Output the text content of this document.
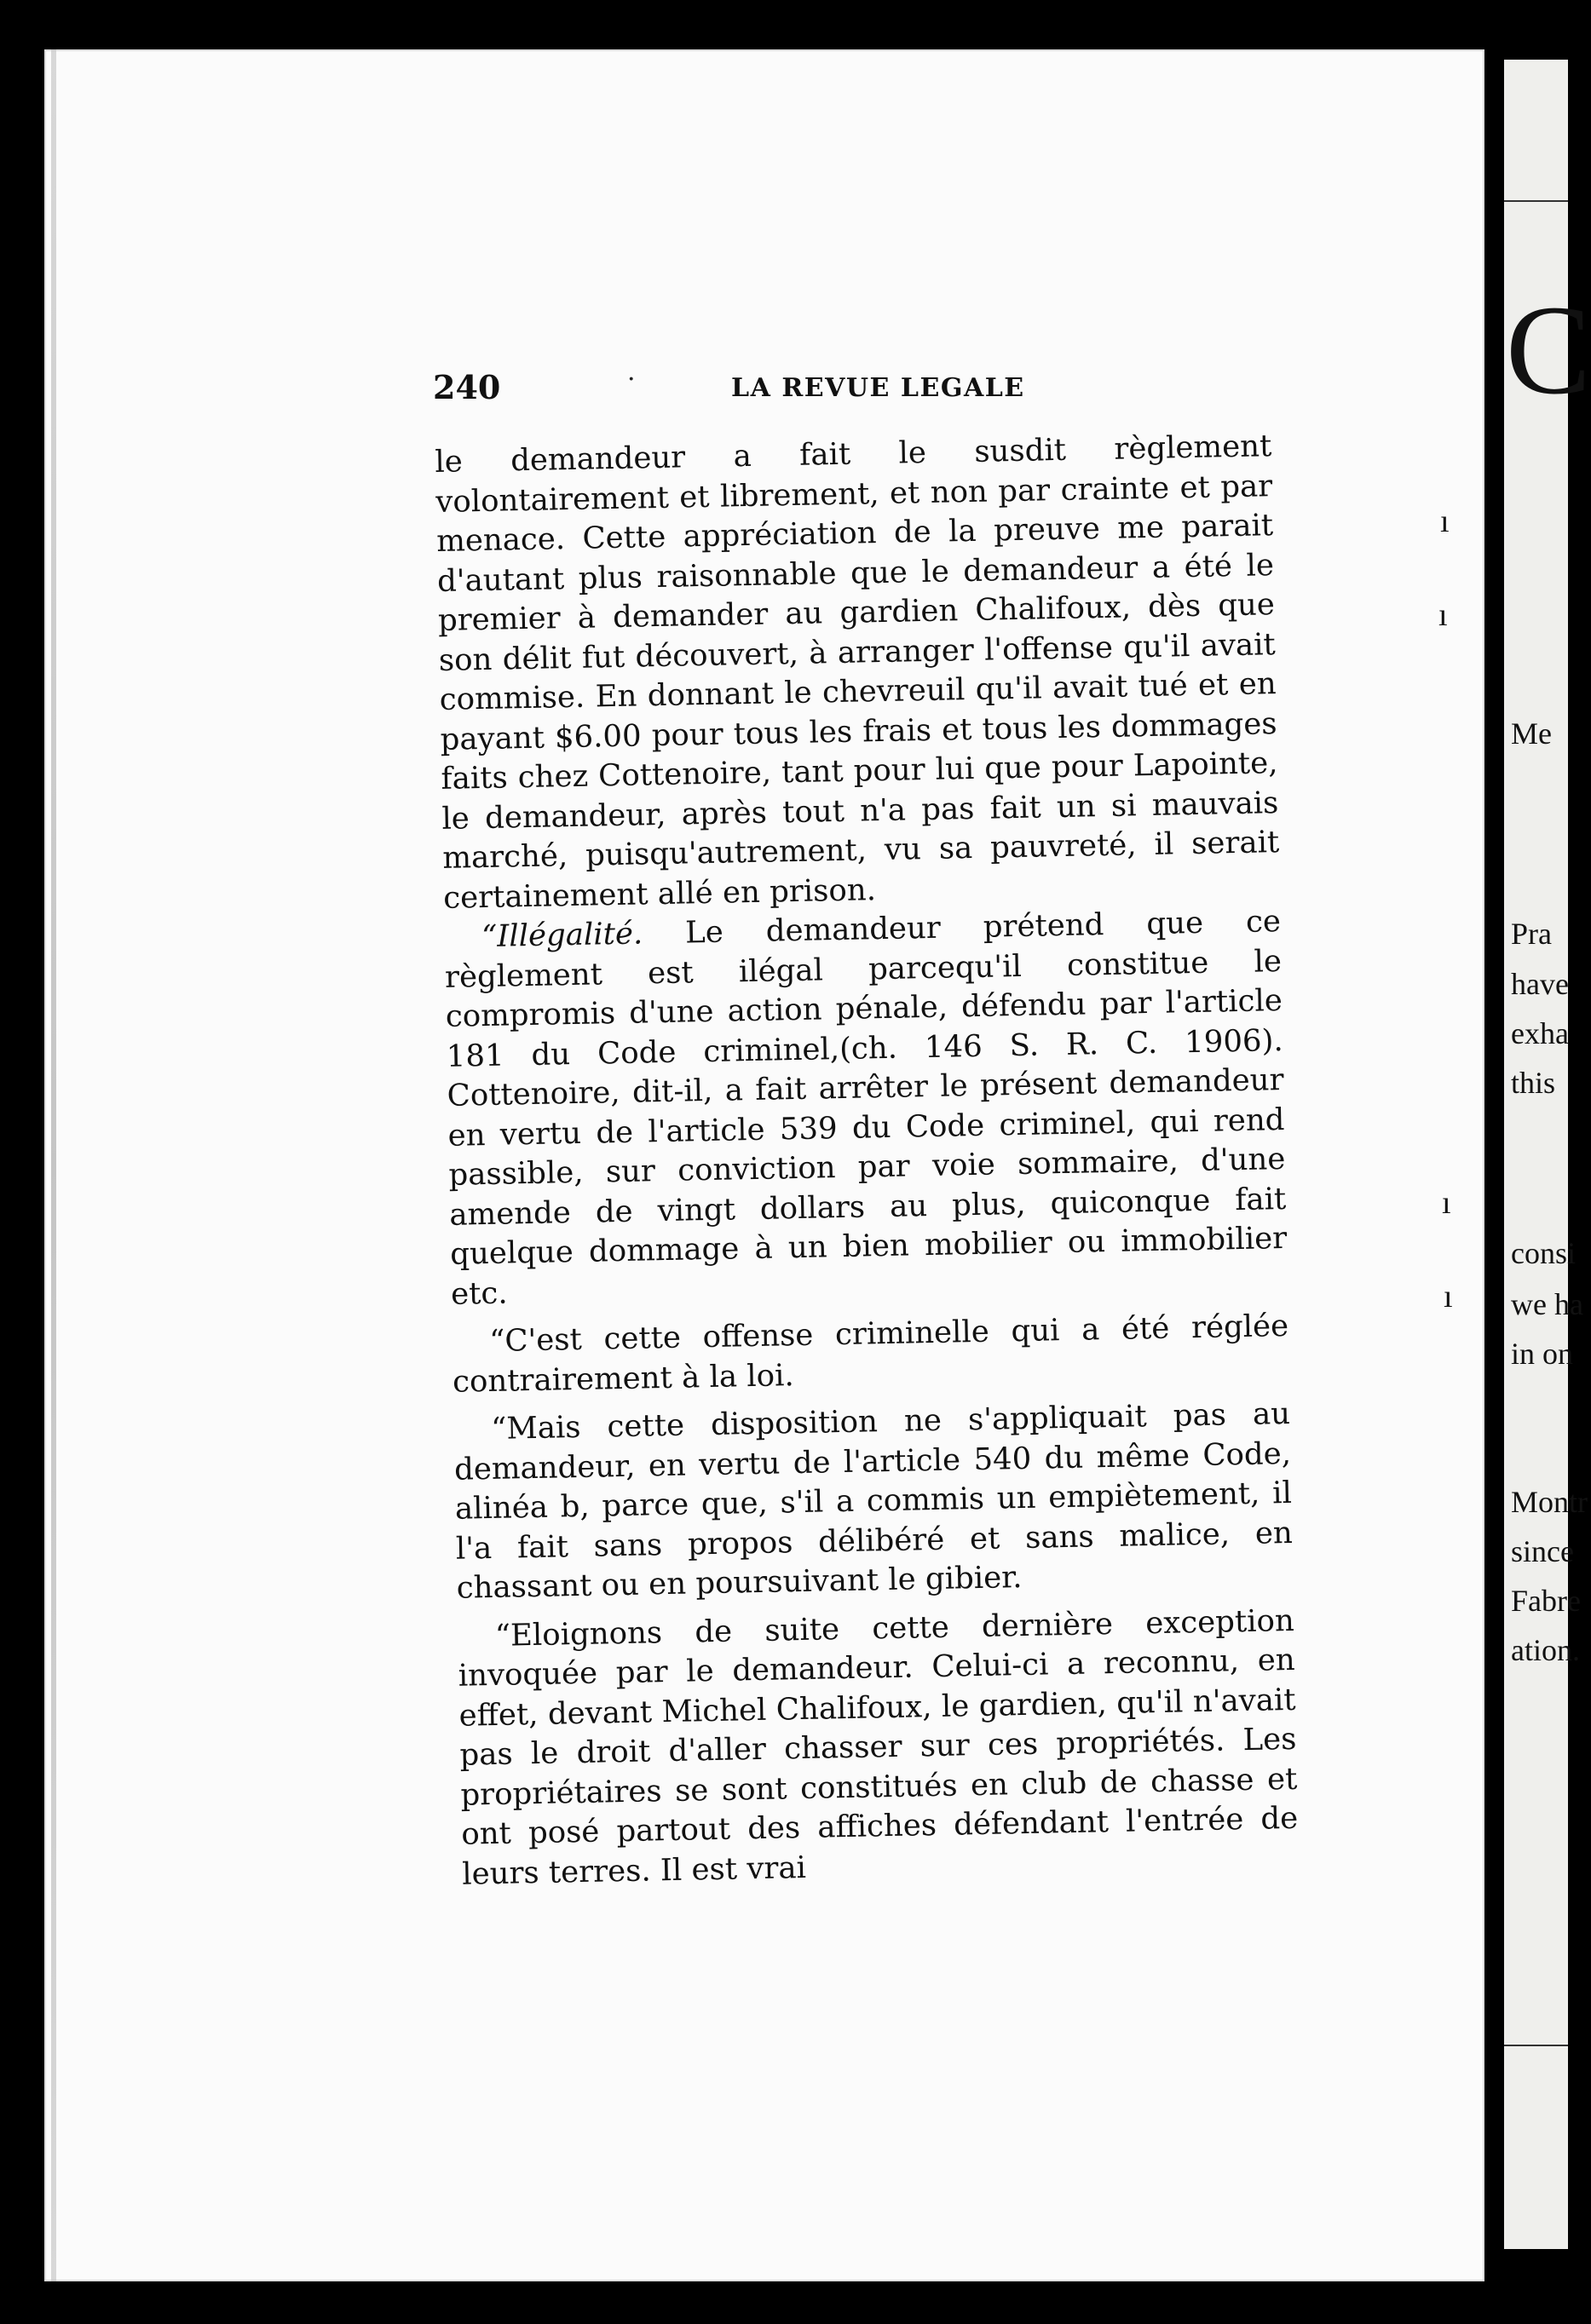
C
Me
Pra
have
exha
this
consi
we ha
in on
Montr
since
Fabre
ation.
ı
ı
ı
ı
240	·	LA REVUE LEGALE

le demandeur a fait le susdit règlement volontairement et librement, et non par crainte et par menace. Cette appréciation de la preuve me parait d'autant plus raisonnable que le demandeur a été le premier à demander au gardien Chalifoux, dès que son délit fut découvert, à arranger l'offense qu'il avait commise. En donnant le chevreuil qu'il avait tué et en payant $6.00 pour tous les frais et tous les dommages faits chez Cottenoire, tant pour lui que pour Lapointe, le demandeur, après tout n'a pas fait un si mauvais marché, puisqu'autrement, vu sa pauvreté, il serait certainement allé en prison.

“Illégalité. Le demandeur prétend que ce règlement est ilégal parcequ'il constitue le compromis d'une action pénale, défendu par l'article 181 du Code criminel,(ch. 146 S. R. C. 1906). Cottenoire, dit-il, a fait arrêter le présent demandeur en vertu de l'article 539 du Code criminel, qui rend passible, sur conviction par voie sommaire, d'une amende de vingt dollars au plus, quiconque fait quelque dommage à un bien mobilier ou immobilier etc.

“C'est cette offense criminelle qui a été réglée contrairement à la loi.

“Mais cette disposition ne s'appliquait pas au demandeur, en vertu de l'article 540 du même Code, alinéa b, parce que, s'il a commis un empiètement, il l'a fait sans propos délibéré et sans malice, en chassant ou en poursuivant le gibier.

“Eloignons de suite cette dernière exception invoquée par le demandeur. Celui-ci a reconnu, en effet, devant Michel Chalifoux, le gardien, qu'il n'avait pas le droit d'aller chasser sur ces propriétés. Les propriétaires se sont constitués en club de chasse et ont posé partout des affiches défendant l'entrée de leurs terres. Il est vrai
